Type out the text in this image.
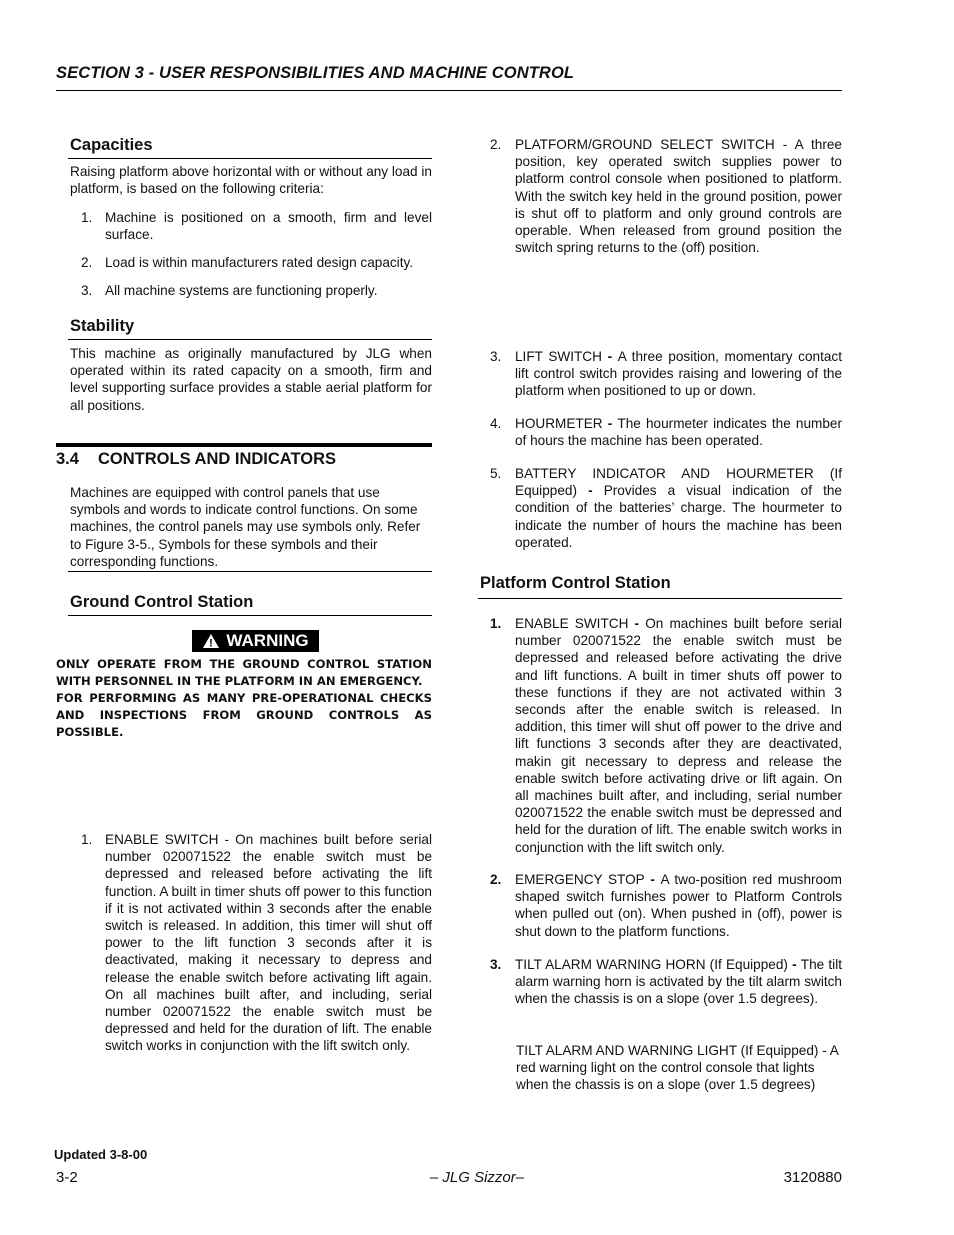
SECTION 3 - USER RESPONSIBILITIES AND MACHINE CONTROL
Capacities
Raising platform above horizontal with or without any load in platform, is based on the following criteria:
1. Machine is positioned on a smooth, firm and level surface.
2. Load is within manufacturers rated design capacity.
3. All machine systems are functioning properly.
Stability
This machine as originally manufactured by JLG when operated within its rated capacity on a smooth, firm and level supporting surface provides a stable aerial platform for all positions.
3.4 CONTROLS AND INDICATORS
Machines are equipped with control panels that use symbols and words to indicate control functions. On some machines, the control panels may use symbols only. Refer to Figure 3-5., Symbols for these symbols and their corresponding functions.
Ground Control Station
! WARNING
ONLY OPERATE FROM THE GROUND CONTROL STATION WITH PERSONNEL IN THE PLATFORM IN AN EMERGENCY.
FOR PERFORMING AS MANY PRE-OPERATIONAL CHECKS AND INSPECTIONS FROM GROUND CONTROLS AS POSSIBLE.
1. ENABLE SWITCH - On machines built before serial number 020071522 the enable switch must be depressed and released before activating the lift function. A built in timer shuts off power to this function if it is not activated within 3 seconds after the enable switch is released. In addition, this timer will shut off power to the lift function 3 seconds after it is deactivated, making it necessary to depress and release the enable switch before activating lift again. On all machines built after, and including, serial number 020071522 the enable switch must be depressed and held for the duration of lift. The enable switch works in conjunction with the lift switch only.
2. PLATFORM/GROUND SELECT SWITCH - A three position, key operated switch supplies power to platform control console when positioned to platform. With the switch key held in the ground position, power is shut off to platform and only ground controls are operable. When released from ground position the switch spring returns to the (off) position.
3. LIFT SWITCH - A three position, momentary contact lift control switch provides raising and lowering of the platform when positioned to up or down.
4. HOURMETER - The hourmeter indicates the number of hours the machine has been operated.
5. BATTERY INDICATOR AND HOURMETER (If Equipped) - Provides a visual indication of the condition of the batteries’ charge. The hourmeter to indicate the number of hours the machine has been operated.
Platform Control Station
1. ENABLE SWITCH - On machines built before serial number 020071522 the enable switch must be depressed and released before activating the drive and lift functions. A built in timer shuts off power to these functions if they are not activated within 3 seconds after the enable switch is released. In addition, this timer will shut off power to the drive and lift functions 3 seconds after they are deactivated, makin git necessary to depress and release the enable switch before activating drive or lift again. On all machines built after, and including, serial number 020071522 the enable switch must be depressed and held for the duration of lift. The enable switch works in conjunction with the lift switch only.
2. EMERGENCY STOP - A two-position red mushroom shaped switch furnishes power to Platform Controls when pulled out (on). When pushed in (off), power is shut down to the platform functions.
3. TILT ALARM WARNING HORN (If Equipped) - The tilt alarm warning horn is activated by the tilt alarm switch when the chassis is on a slope (over 1.5 degrees).
TILT ALARM AND WARNING LIGHT (If Equipped) - A red warning light on the control console that lights when the chassis is on a slope (over 1.5 degrees)
Updated 3-8-00
3-2	– JLG Sizzor–	3120880
